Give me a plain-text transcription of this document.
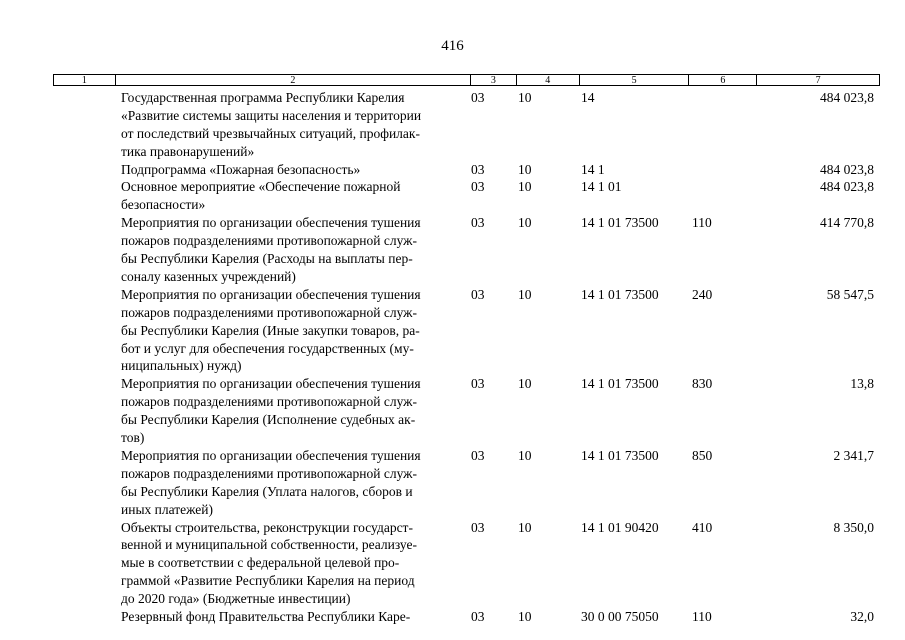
416
1	2	3	4	5	6	7
Государственная программа Республики Карелия
«Развитие системы защиты населения и территории
от последствий чрезвычайных ситуаций, профилак-
тика правонарушений»
03 10	14	484 023,8
Подпрограмма «Пожарная безопасность»	03 10	14 1	484 023,8
Основное мероприятие «Обеспечение пожарной
безопасности»
03 10	14 1 01	484 023,8
Мероприятия по организации обеспечения тушения
пожаров подразделениями противопожарной служ-
бы Республики Карелия (Расходы на выплаты пер-
соналу казенных учреждений)
03 10	14 1 01 73500 110	414 770,8
Мероприятия по организации обеспечения тушения
пожаров подразделениями противопожарной служ-
бы Республики Карелия (Иные закупки товаров, ра-
бот и услуг для обеспечения государственных (му-
ниципальных) нужд)
03 10	14 1 01 73500 240	58 547,5
Мероприятия по организации обеспечения тушения
пожаров подразделениями противопожарной служ-
бы Республики Карелия (Исполнение судебных ак-
тов)
03 10	14 1 01 73500 830	13,8
Мероприятия по организации обеспечения тушения
пожаров подразделениями противопожарной служ-
бы Республики Карелия (Уплата налогов, сборов и
иных платежей)
03 10	14 1 01 73500 850	2 341,7
Объекты строительства, реконструкции государст-
венной и муниципальной собственности, реализуе-
мые в соответствии с федеральной целевой про-
граммой «Развитие Республики Карелия на период
до 2020 года» (Бюджетные инвестиции)
03 10	14 1 01 90420 410	8 350,0
Резервный фонд Правительства Республики Каре-	03 10	30 0 00 75050 110	32,0
